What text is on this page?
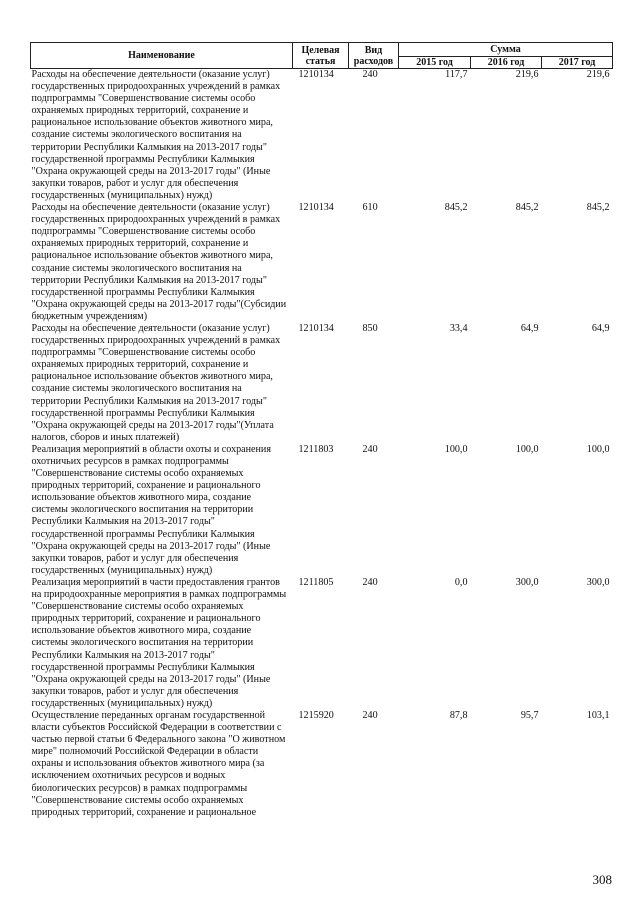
Наименование	Целевая статья	Вид расходов	Сумма		
			2015 год	2016 год	2017 год
Расходы на обеспечение деятельности (оказание услуг) государственных природоохранных учреждений в рамках подпрограммы "Совершенствование системы особо охраняемых природных территорий, сохранение и рациональное использование объектов животного мира, создание системы экологического воспитания на территории Республики Калмыкия на 2013-2017 годы" государственной программы Республики Калмыкия "Охрана окружающей среды на 2013-2017 годы" (Иные закупки товаров, работ и услуг для обеспечения государственных (муниципальных) нужд)	1210134	240	117,7	219,6	219,6
Расходы на обеспечение деятельности (оказание услуг) государственных природоохранных учреждений в рамках подпрограммы "Совершенствование системы особо охраняемых природных территорий, сохранение и рациональное использование объектов животного мира, создание системы экологического воспитания на территории Республики Калмыкия на 2013-2017 годы" государственной программы Республики Калмыкия "Охрана окружающей среды на 2013-2017 годы"(Субсидии бюджетным учреждениям)	1210134	610	845,2	845,2	845,2
Расходы на обеспечение деятельности (оказание услуг) государственных природоохранных учреждений в рамках подпрограммы "Совершенствование системы особо охраняемых природных территорий, сохранение и рациональное использование объектов животного мира, создание системы экологического воспитания на территории Республики Калмыкия на 2013-2017 годы" государственной программы Республики Калмыкия "Охрана окружающей среды на 2013-2017 годы"(Уплата налогов, сборов и иных платежей)	1210134	850	33,4	64,9	64,9
Реализация мероприятий в области охоты и сохранения охотничьих ресурсов в рамках подпрограммы "Совершенствование системы особо охраняемых природных территорий, сохранение и рационального использование объектов животного мира, создание системы экологического воспитания на территории Республики Калмыкия на 2013-2017 годы" государственной программы Республики Калмыкия "Охрана окружающей среды на 2013-2017 годы" (Иные закупки товаров, работ и услуг для обеспечения государственных (муниципальных) нужд)	1211803	240	100,0	100,0	100,0
Реализация мероприятий в части предоставления грантов на природоохранные мероприятия в рамках подпрограммы "Совершенствование системы особо охраняемых природных территорий, сохранение и рационального использование объектов животного мира, создание системы экологического воспитания на территории Республики Калмыкия на 2013-2017 годы" государственной программы Республики Калмыкия "Охрана окружающей среды на 2013-2017 годы" (Иные закупки товаров, работ и услуг для обеспечения государственных (муниципальных) нужд)	1211805	240	0,0	300,0	300,0
Осуществление переданных органам государственной власти субъектов Российской Федерации в соответствии с частью первой статьи 6 Федерального закона "О животном мире" полномочий Российской Федерации в области охраны и использования объектов животного мира (за исключением охотничьих ресурсов и водных биологических ресурсов) в рамках подпрограммы "Совершенствование системы особо охраняемых природных территорий, сохранение и рациональное	1215920	240	87,8	95,7	103,1
308
